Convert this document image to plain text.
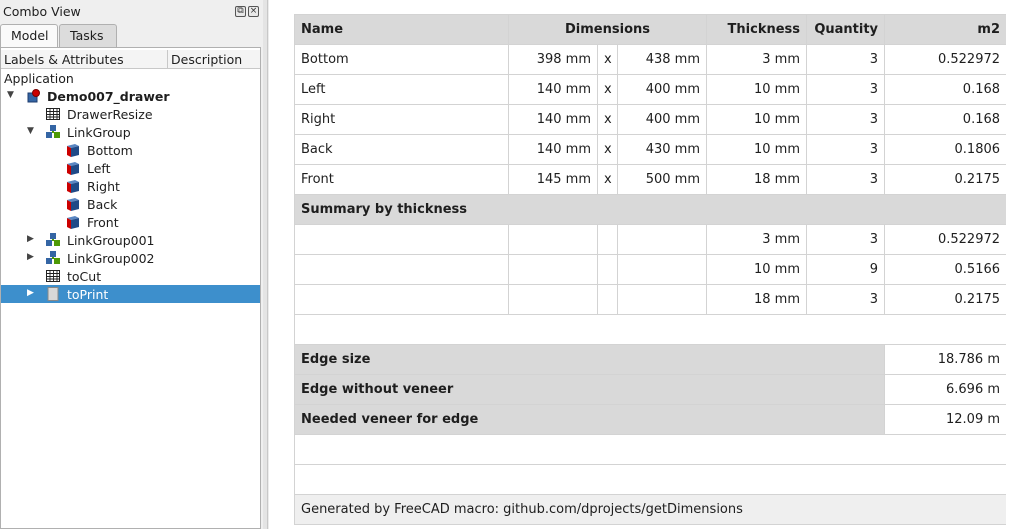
Combo View	⧉ ×
Model	Tasks
Labels & Attributes	Description
Application
▼	Demo007_drawer
DrawerResize
▼	LinkGroup
Bottom
Left
Right
Back
Front
▶	LinkGroup001
▶	LinkGroup002
toCut
▶	toPrint
Name	Dimensions			Thickness	Quantity	m2
Bottom	398 mm	x	438 mm	3 mm	3	0.522972
Left	140 mm	x	400 mm	10 mm	3	0.168
Right	140 mm	x	400 mm	10 mm	3	0.168
Back	140 mm	x	430 mm	10 mm	3	0.1806
Front	145 mm	x	500 mm	18 mm	3	0.2175
Summary by thickness						
				3 mm	3	0.522972
				10 mm	9	0.5166
				18 mm	3	0.2175

Edge size						18.786 m
Edge without veneer						6.696 m
Needed veneer for edge						12.09 m

Generated by FreeCAD macro: github.com/dprojects/getDimensions						
